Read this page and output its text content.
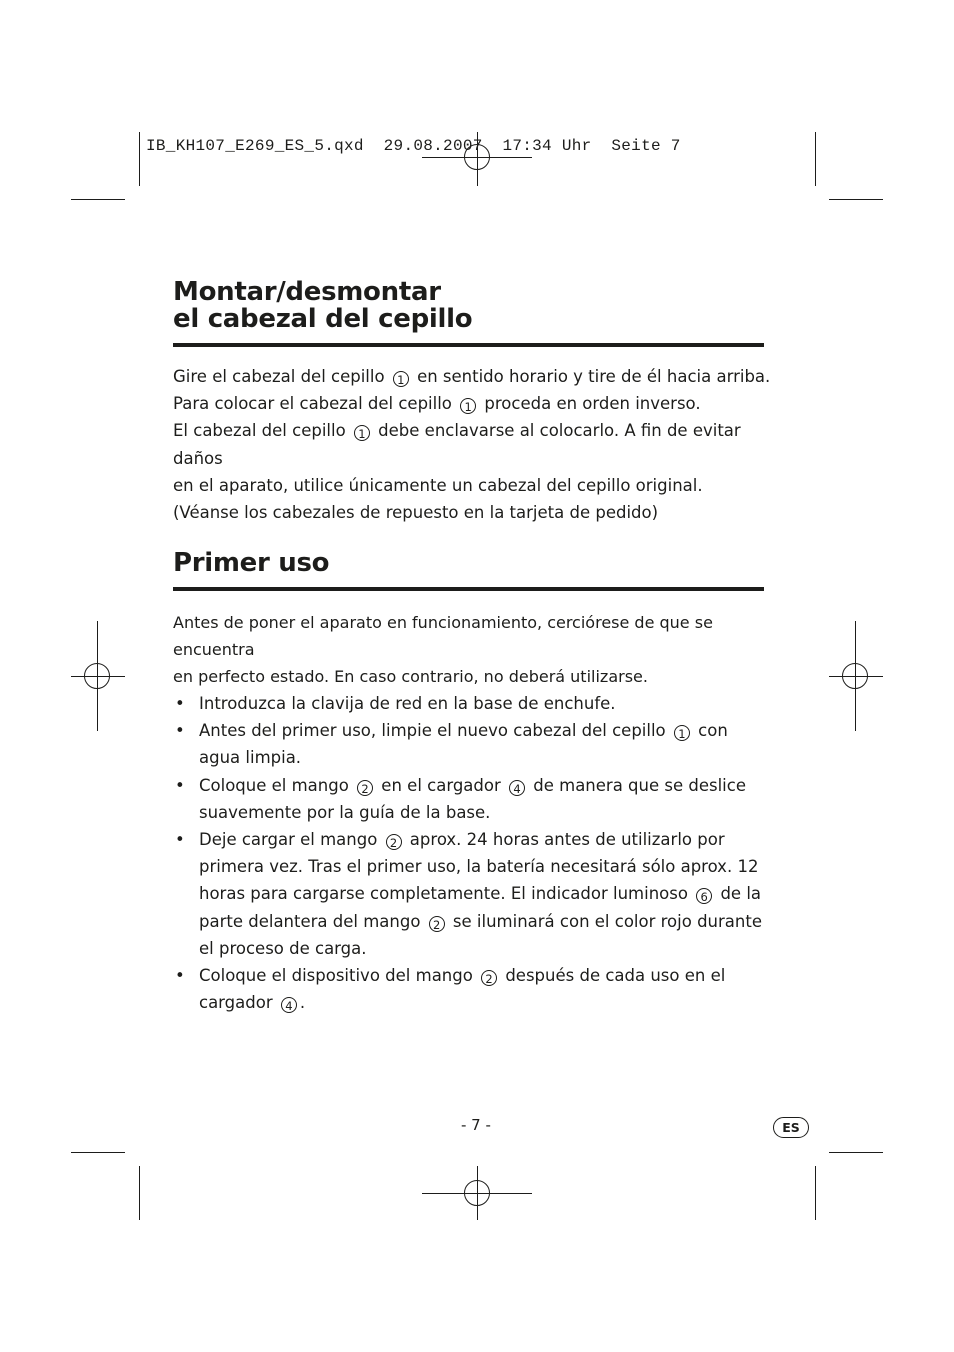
IB_KH107_E269_ES_5.qxd  29.08.2007  17:34 Uhr  Seite 7
Montar/desmontar
el cabezal del cepillo

Gire el cabezal del cepillo 1 en sentido horario y tire de él hacia arriba.

Para colocar el cabezal del cepillo 1 proceda en orden inverso.

El cabezal del cepillo 1 debe enclavarse al colocarlo. A fin de evitar daños

en el aparato, utilice únicamente un cabezal del cepillo original.

(Véanse los cabezales de repuesto en la tarjeta de pedido)

Primer uso

Antes de poner el aparato en funcionamiento, cerciórese de que se encuentra

en perfecto estado. En caso contrario, no deberá utilizarse.

• Introduzca la clavija de red en la base de enchufe.
• Antes del primer uso, limpie el nuevo cabezal del cepillo 1 con agua limpia.
• Coloque el mango 2 en el cargador 4 de manera que se deslice suavemente por la guía de la base.
• Deje cargar el mango 2 aprox. 24 horas antes de utilizarlo por primera vez. Tras el primer uso, la batería necesitará sólo aprox. 12 horas para cargarse completamente. El indicador luminoso 6 de la parte delantera del mango 2 se iluminará con el color rojo durante el proceso de carga.
• Coloque el dispositivo del mango 2 después de cada uso en el cargador 4 .
- 7 -	ES
